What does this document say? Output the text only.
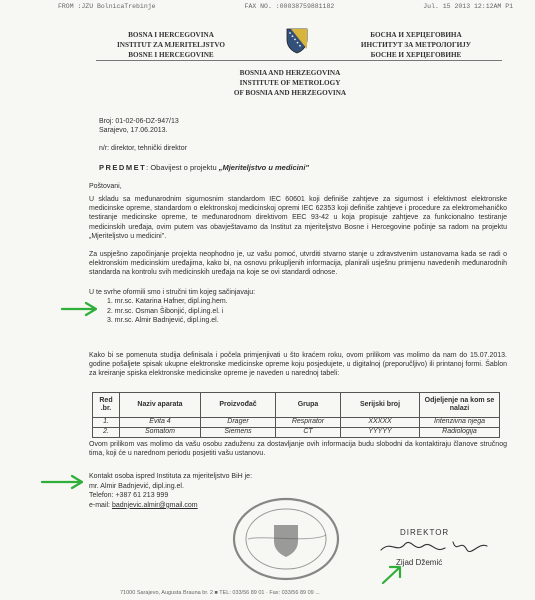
FROM :JZU BolnicaTrebinje	FAX NO. :00038759881182	Jul. 15 2013 12:12AM P1
BOSNA I HERCEGOVINA
INSTITUT ZA MJERITELJSTVO
BOSNE I HERCEGOVINE
БОСНА И ХЕРЦЕГОВИНА
ИНСТИТУТ ЗА МЕТРОЛОГИЈУ
БОСНЕ И ХЕРЦЕГОВИНЕ
BOSNIA AND HERZEGOVINA
INSTITUTE OF METROLOGY
OF BOSNIA AND HERZEGOVINA
Broj: 01-02-06-DZ-947/13
Sarajevo, 17.06.2013.
n/r: direktor, tehnički direktor
PREDMET: Obavijest o projektu „Mjeriteljstvo u medicini"
Poštovani,
U skladu sa međunarodnim sigurnosnim standardom IEC 60601 koji definiše zahtjeve za sigurnost i efektivnost elektronske medicinske opreme, standardom o elektronskoj medicinskoj opremi IEC 62353 koji definiše zahtjeve i procedure za elektromehaničko testiranje medicinske opreme, te međunarodnom direktivom EEC 93-42 u koja propisuje zahtjeve za funkcionalno testiranje medicinskih uređaja, ovim putem vas obavještavamo da Institut za mjeriteljstvo Bosne i Hercegovine počinje sa radom na projektu „Mjeriteljstvo u medicini".
Za uspješno započinjanje projekta neophodno je, uz vašu pomoć, utvrditi stvarno stanje u zdravstvenim ustanovama kada se radi o elektronskim medicinskim uređajima, kako bi, na osnovu prikupljenih informacija, planirali usješnu primjenu navedenih međunarodnih standarda na kontrolu svih medicinskih uređaja na koje se ovi standardi odnose.
U te svrhe oformili smo i stručni tim kojeg sačinjavaju:
1. mr.sc. Katarina Hafner, dipl.ing.hem.
2. mr.sc. Osman Šibonjić, dipl.ing.el. i
3. mr.sc. Almir Badnjević, dipl.ing.el.
Kako bi se pomenuta studija definisala i počela primjenjivati u što kraćem roku, ovom prilikom vas molimo da nam do 15.07.2013. godine pošaljete spisak ukupne elektronske medicinske opreme koju posjedujete, u digitalnoj (preporučljivo) ili printanoj formi. Šablon za kreiranje spiska elektronske medicinske opreme je naveden u narednoj tabeli:
Red .br.	Naziv aparata	Proizvođač	Grupa	Serijski broj	Odjeljenje na kom se nalazi
1.	Evita 4	Drager	Respirator	XXXXX	Intenzivna njega
2.	Somatom	Siemens	CT	YYYYY	Radiologija
Ovom prilikom vas molimo da vašu osobu zaduženu za dostavljanje ovih informacija budu slobodni da kontaktiraju članove stručnog tima, koji će u narednom periodu posjetiti vašu ustanovu.
Kontakt osoba ispred Instituta za mjeriteljstvo BiH je:
mr. Almir Badnjević, dipl.ing.el.
Telefon: +387 61 213 999
e-mail: badnjevic.almir@gmail.com
DIREKTOR
Zijad Džemić
71000 Sarajevo, Augusta Brauna br. 2 ■ TEL: 033/56 89 01 · Fax: 033/56 89 09 ...
